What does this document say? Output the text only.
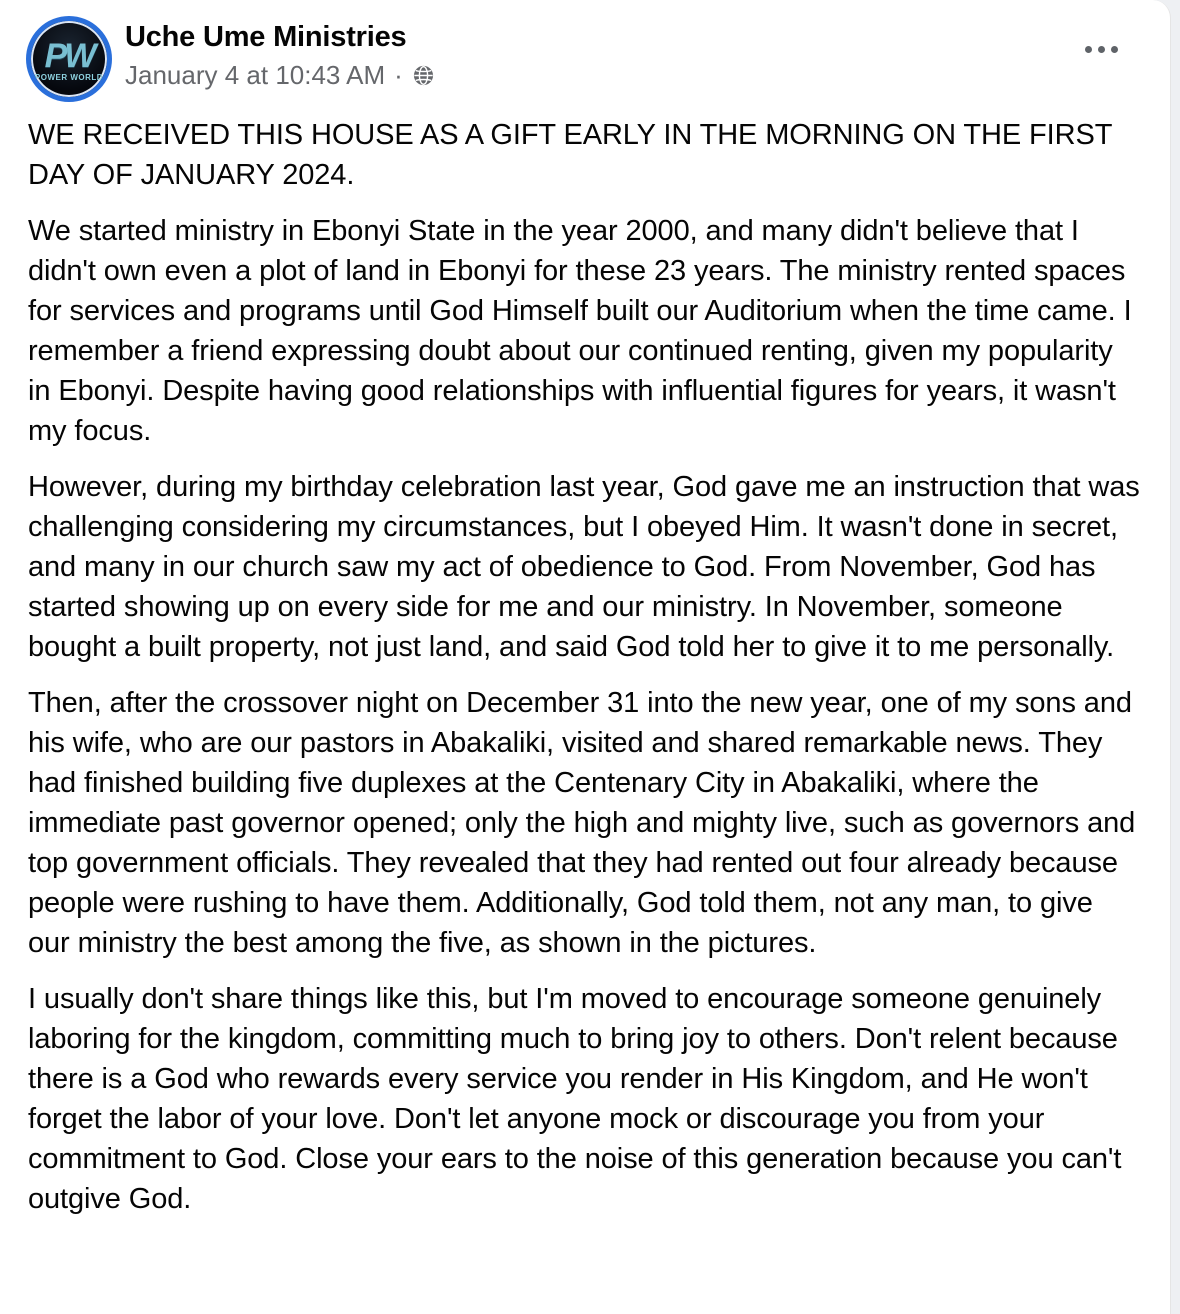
PW
POWER WORLD
Uche Ume Ministries
January 4 at 10:43 AM ·

WE RECEIVED THIS HOUSE AS A GIFT EARLY IN THE MORNING ON THE FIRST DAY OF JANUARY 2024.

We started ministry in Ebonyi State in the year 2000, and many didn't believe that I didn't own even a plot of land in Ebonyi for these 23 years. The ministry rented spaces for services and programs until God Himself built our Auditorium when the time came. I remember a friend expressing doubt about our continued renting, given my popularity in Ebonyi. Despite having good relationships with influential figures for years, it wasn't my focus.

However, during my birthday celebration last year, God gave me an instruction that was challenging considering my circumstances, but I obeyed Him. It wasn't done in secret, and many in our church saw my act of obedience to God. From November, God has started showing up on every side for me and our ministry. In November, someone bought a built property, not just land, and said God told her to give it to me personally.

Then, after the crossover night on December 31 into the new year, one of my sons and his wife, who are our pastors in Abakaliki, visited and shared remarkable news. They had finished building five duplexes at the Centenary City in Abakaliki, where the immediate past governor opened; only the high and mighty live, such as governors and top government officials. They revealed that they had rented out four already because people were rushing to have them. Additionally, God told them, not any man, to give our ministry the best among the five, as shown in the pictures.

I usually don't share things like this, but I'm moved to encourage someone genuinely laboring for the kingdom, committing much to bring joy to others. Don't relent because there is a God who rewards every service you render in His Kingdom, and He won't forget the labor of your love. Don't let anyone mock or discourage you from your commitment to God. Close your ears to the noise of this generation because you can't outgive God.
